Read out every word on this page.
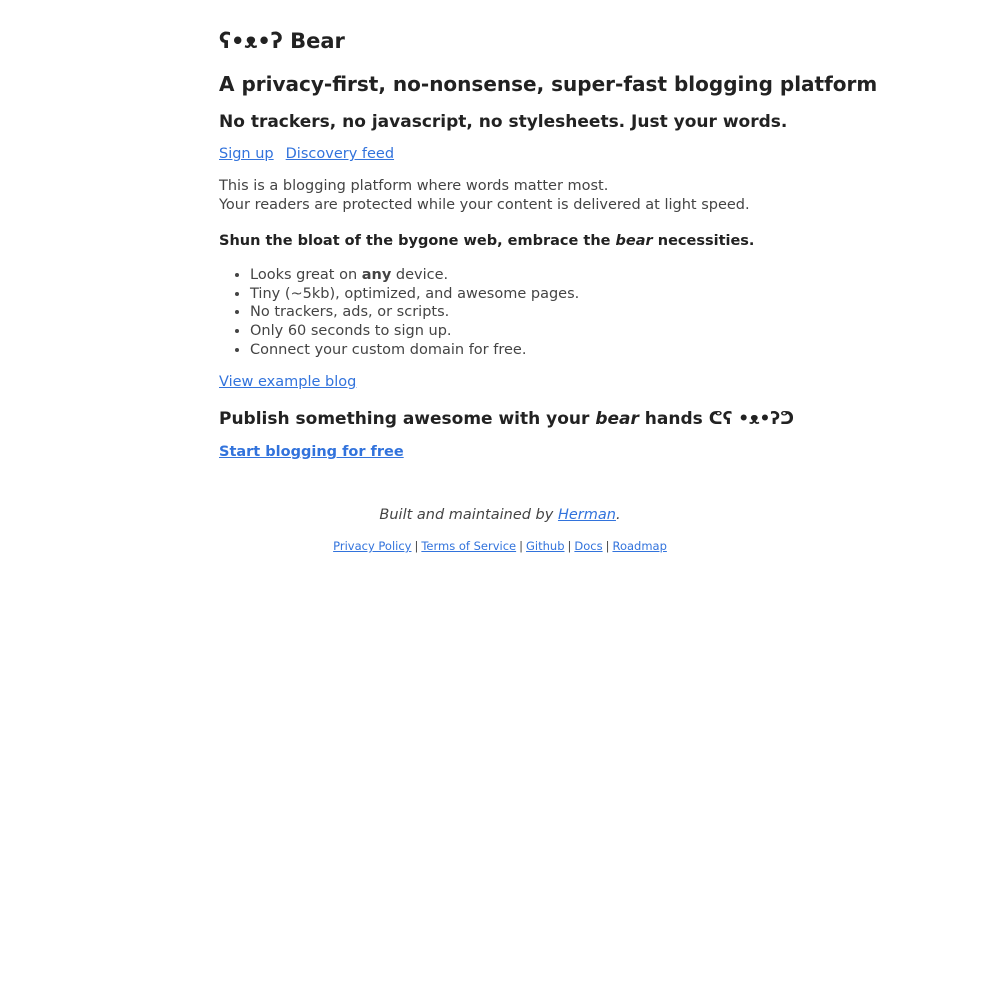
ʕ•ᴥ•ʔ Bear
A privacy-first, no-nonsense, super-fast blogging platform
No trackers, no javascript, no stylesheets. Just your words.
Sign up Discovery feed

This is a blogging platform where words matter most.
Your readers are protected while your content is delivered at light speed.

Shun the bloat of the bygone web, embrace the bear necessities.
• Looks great on any device.
• Tiny (~5kb), optimized, and awesome pages.
• No trackers, ads, or scripts.
• Only 60 seconds to sign up.
• Connect your custom domain for free.
View example blog
Publish something awesome with your bear hands ᕦʕ •ᴥ•ʔᕤ
Start blogging for free
Built and maintained by Herman.
Privacy Policy | Terms of Service | Github | Docs | Roadmap
